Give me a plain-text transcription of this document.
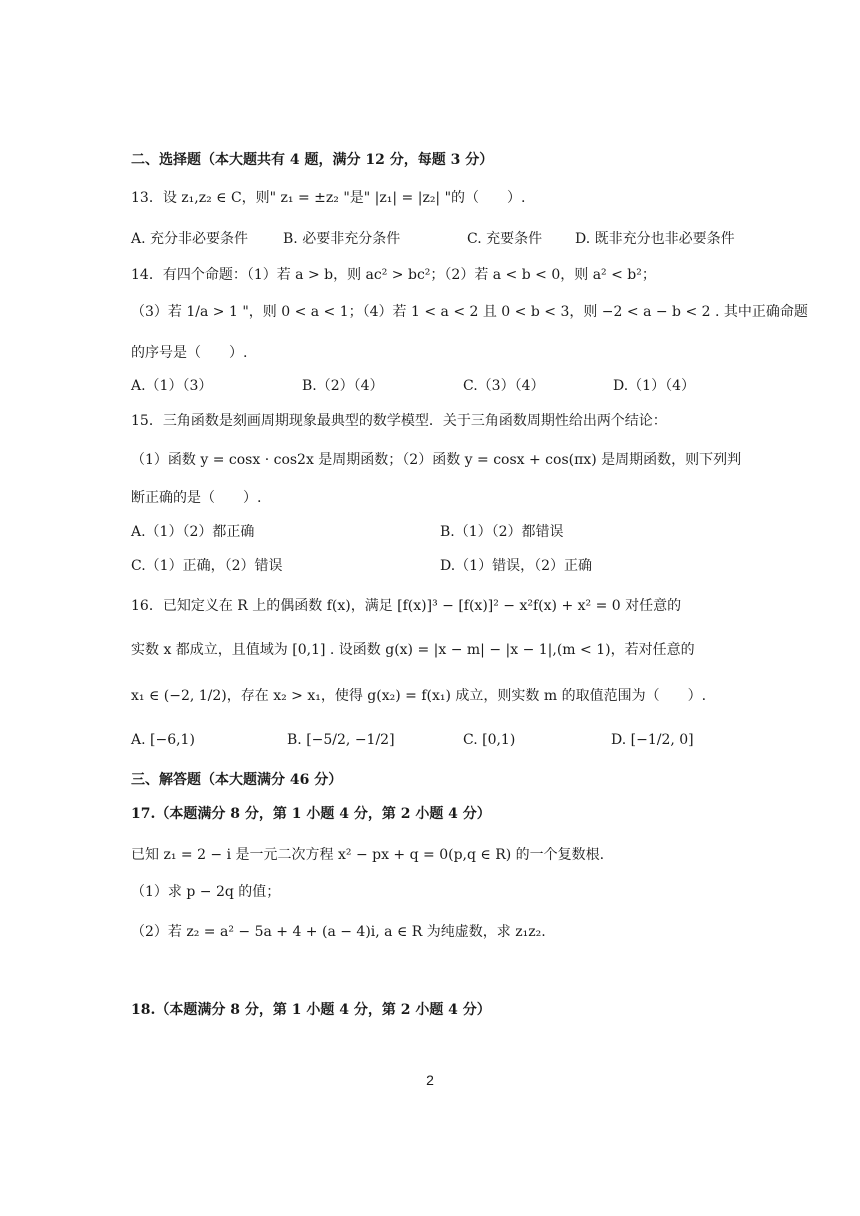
二、选择题（本大题共有 4 题，满分 12 分，每题 3 分）
13．设 z₁,z₂ ∈ C，则" z₁ = ±z₂ "是" |z₁| = |z₂| "的（　　）.
A. 充分非必要条件 B. 必要非充分条件	C. 充要条件 D. 既非充分也非必要条件
14．有四个命题：（1）若 a > b，则 ac² > bc²；（2）若 a < b < 0，则 a² < b²；
（3）若 1/a > 1 "，则 0 < a < 1；（4）若 1 < a < 2 且 0 < b < 3，则 −2 < a − b < 2 . 其中正确命题
的序号是（　　）.
A.（1）（3）	B.（2）（4）	C.（3）（4）	D.（1）（4）
15．三角函数是刻画周期现象最典型的数学模型．关于三角函数周期性给出两个结论：
（1）函数 y = cosx · cos2x 是周期函数；（2）函数 y = cosx + cos(πx) 是周期函数，则下列判
断正确的是（　　）.
A.（1）（2）都正确	B.（1）（2）都错误
C.（1）正确，（2）错误	D.（1）错误，（2）正确
16．已知定义在 R 上的偶函数 f(x)，满足 [f(x)]³ − [f(x)]² − x²f(x) + x² = 0 对任意的
实数 x 都成立，且值域为 [0,1] . 设函数 g(x) = |x − m| − |x − 1|,(m < 1)，若对任意的
x₁ ∈ (−2, 1/2)，存在 x₂ > x₁，使得 g(x₂) = f(x₁) 成立，则实数 m 的取值范围为（　　）.
A. [−6,1)	B. [−5/2, −1/2]	C. [0,1)	D. [−1/2, 0]
三、解答题（本大题满分 46 分）
17.（本题满分 8 分，第 1 小题 4 分，第 2 小题 4 分）
已知 z₁ = 2 − i 是一元二次方程 x² − px + q = 0(p,q ∈ R) 的一个复数根.
（1）求 p − 2q 的值；
（2）若 z₂ = a² − 5a + 4 + (a − 4)i, a ∈ R 为纯虚数，求 z₁z₂.
18.（本题满分 8 分，第 1 小题 4 分，第 2 小题 4 分）
2
